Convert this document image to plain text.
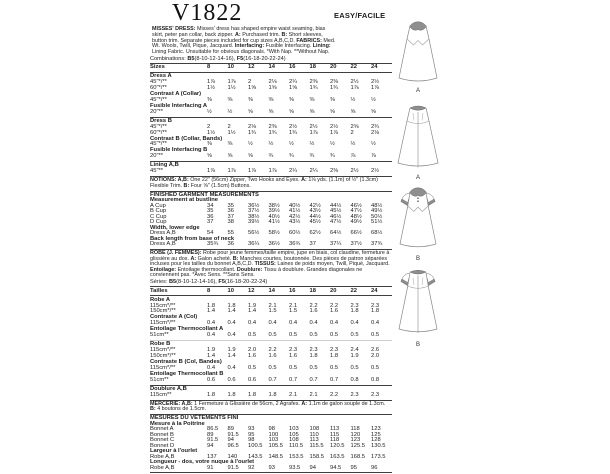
V1822	EASY/FACILE

MISSES' DRESS: Misses' dress has shaped empire waist seaming, bias skirt, peter pan collar, back zipper. A: Purchased trim. B: Short sleeves, button trim. Separate pieces included for cup sizes A,B,C,D. FABRICS: Med. Wt. Wools, Twill, Pique, Jacquard. Interfacing: Fusible Interfacing. Lining: Lining Fabric. Unsuitable for obvious diagonals. *With Nap. **Without Nap.

Combinations: B5(8-10-12-14-16), F5(16-18-20-22-24)

Sizes	8	10	12	14	16	18	20	22	24
Dress A
45"*/**	1⅞	1⅞	2	2⅛	2¼	2⅜	2⅜	2½	2½
60"*/**	1½	1½	1⅝	1⅝	1⅝	1¾	1¾	1⅞	1⅞
Contrast A (Collar)
45"*/**	⅜	⅜	⅜	⅜	⅜	⅜	⅜	½	½
Fusible Interfacing A
20"**	½	½	⅝	⅝	⅝	⅝	⅝	⅝	⅝
Dress B
45"*/**	2	2	2⅛	2⅜	2½	2½	2½	2⅝	2¾
60"*/**	1½	1½	1¾	1¾	1¾	1⅞	1⅞	2	2⅛
Contrast B (Collar, Bands)
45"*/**	⅜	⅜	½	½	½	½	½	½	½
Fusible Interfacing B
20"**	⅝	⅝	⅝	¾	¾	¾	¾	⅞	⅞
Lining A,B
45"**	1⅞	1⅞	1⅞	1⅞	2¼	2¼	2⅜	2½	2½

NOTIONS: A,B: One 22" (56cm) Zipper, Two Hooks and Eyes. A: 1⅛ yds. (1.1m) of ½" (1.3cm) Flexible Trim. B: Four ⅝" (1.5cm) Buttons.

FINISHED GARMENT MEASUREMENTS
Measurement at bustline
A Cup	34	35	36½	38½	40½	42½	44½	46½	48½
B Cup	35	36	37½	39½	41½	43½	45½	47½	49½
C Cup	36	37	38½	40½	42½	44½	46½	48½	50½
D Cup	37	38	39½	41½	43½	45½	47½	49½	51½
Width, lower edge
Dress A,B	54	55	56½	58½	60½	62½	64½	66½	68½
Back length from base of neck
Dress A,B	35¾	36	36¼	36½	36¾	37	37¼	37½	37¾

ROBE (J. FEMMES): Robe pour jeune femmes/taille empire, jupe en biais, col claudine, fermeture à glissière au dos. A: Galon acheté. B: Manches courtes, boutonnée. Des pièces de patron séparées incluses pour les tailles du bonnet A,B,C,D. TISSUS: Laines de poids moyen, Twill, Piqué, Jacquard. Entoilage: Entoilage thermocollant. Doublure: Tissu à doublure. Grandes diagonales ne conviennent pas. *Avec Sens. **Sans Sens.

Séries: B5(8-10-12-14-16), F5(16-18-20-22-24)

Tailles	8	10	12	14	16	18	20	22	24
Robe A
115cm*/**	1.8	1.8	1.9	2.1	2.1	2.2	2.2	2.3	2.3
150cm*/**	1.4	1.4	1.4	1.5	1.5	1.6	1.6	1.8	1.8
Contraste A (Col)
115cm*/**	0.4	0.4	0.4	0.4	0.4	0.4	0.4	0.4	0.4
Entoilage Thermocollant A
51cm**	0.4	0.4	0.5	0.5	0.5	0.5	0.5	0.5	0.5
Robe B
115cm*/**	1.9	1.9	2.0	2.2	2.3	2.3	2.3	2.4	2.6
150cm*/**	1.4	1.4	1.6	1.6	1.6	1.8	1.8	1.9	2.0
Contraste B (Col, Bandes)
115cm*/**	0.4	0.4	0.5	0.5	0.5	0.5	0.5	0.5	0.5
Entoilage Thermocollant B
51cm**	0.6	0.6	0.6	0.7	0.7	0.7	0.7	0.8	0.8
Doublure A,B
115cm**	1.8	1.8	1.8	1.8	2.1	2.1	2.2	2.3	2.3

MERCERIE: A,B: 1 Fermeture à Glissière de 56cm, 2 Agrafes. A: 1.1m de galon souple de 1.3cm. B: 4 boutons de 1.5cm.

MESURES DU VÊTEMENTS FINI
Mesure à la Poitrine
Bonnet A	86.5	89	93	98	103	108	113	118	123
Bonnet B	89	91.5	95	100	105	110	115	120	125
Bonnet C	91.5	94	98	103	108	113	118	123	128
Bonnet D	94	96.5	100.5	105.5	110.5	115.5	120.5	125.5	130.5
Largeur à l'ourlet
Robe A,B	137	140	143.5	148.5	153.5	158.5	163.5	168.5	173.5
Longueur - dos, votre nuque à l'ourlet
Robe A,B	91	91.5	92	93	93.5	94	94.5	95	96
A
A
B
B
